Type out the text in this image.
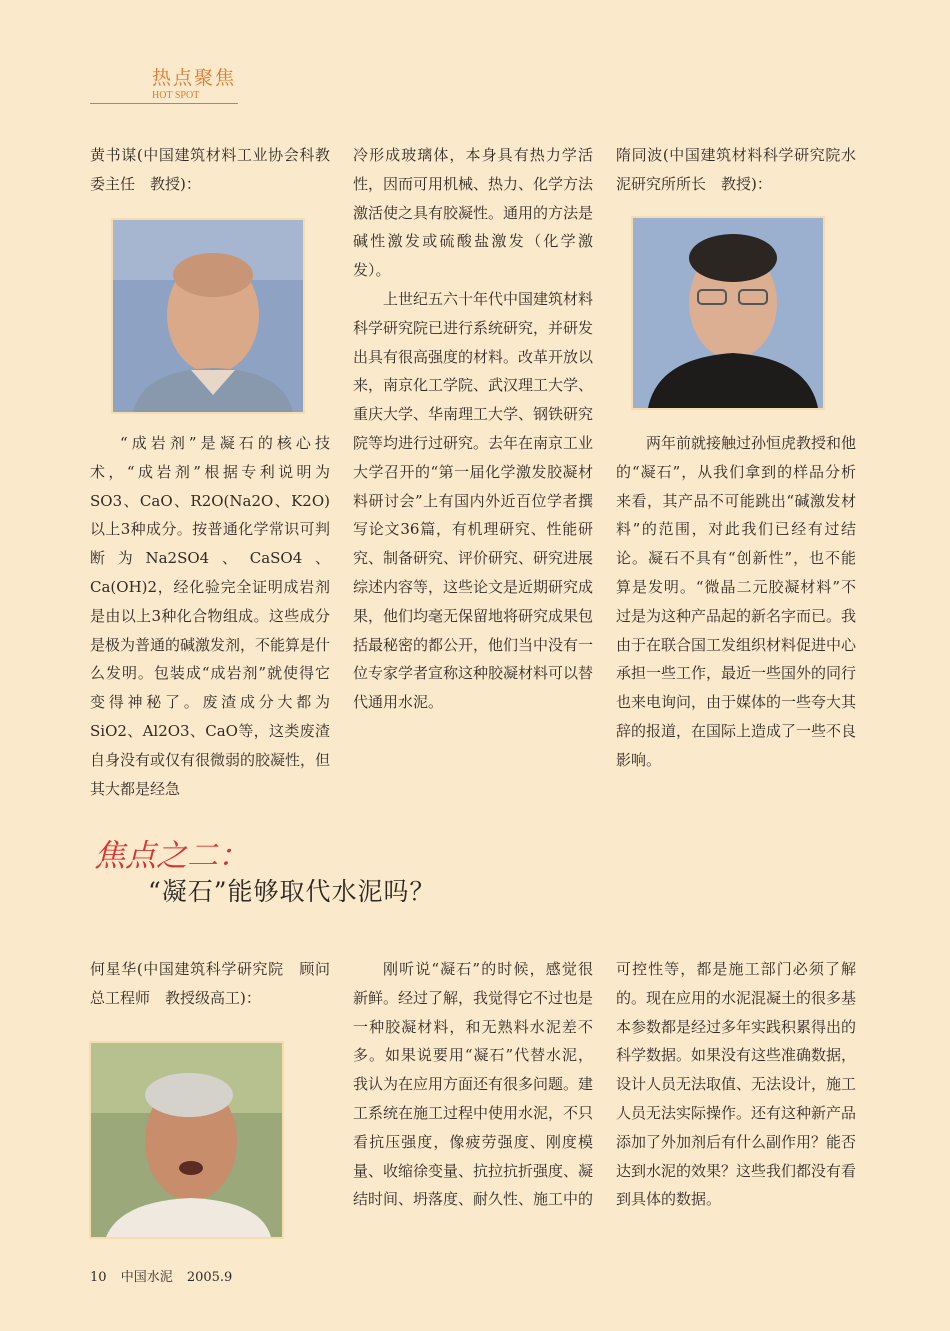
热点聚焦
HOT SPOT

黄书谋(中国建筑材料工业协会科教委主任　教授)：

“成岩剂”是凝石的核心技术，“成岩剂”根据专利说明为SO3、CaO、R2O(Na2O、K2O)以上3种成分。按普通化学常识可判断为Na2SO4、CaSO4、Ca(OH)2，经化验完全证明成岩剂是由以上3种化合物组成。这些成分是极为普通的碱激发剂，不能算是什么发明。包装成“成岩剂”就使得它变得神秘了。废渣成分大都为SiO2、Al2O3、CaO等，这类废渣自身没有或仅有很微弱的胶凝性，但其大都是经急

冷形成玻璃体，本身具有热力学活性，因而可用机械、热力、化学方法激活使之具有胶凝性。通用的方法是碱性激发或硫酸盐激发（化学激发）。

上世纪五六十年代中国建筑材料科学研究院已进行系统研究，并研发出具有很高强度的材料。改革开放以来，南京化工学院、武汉理工大学、重庆大学、华南理工大学、钢铁研究院等均进行过研究。去年在南京工业大学召开的“第一届化学激发胶凝材料研讨会”上有国内外近百位学者撰写论文36篇，有机理研究、性能研究、制备研究、评价研究、研究进展综述内容等，这些论文是近期研究成果，他们均毫无保留地将研究成果包括最秘密的都公开，他们当中没有一位专家学者宣称这种胶凝材料可以替代通用水泥。

隋同波(中国建筑材料科学研究院水泥研究所所长　教授)：

两年前就接触过孙恒虎教授和他的“凝石”，从我们拿到的样品分析来看，其产品不可能跳出“碱激发材料”的范围，对此我们已经有过结论。凝石不具有“创新性”，也不能算是发明。“微晶二元胶凝材料”不过是为这种产品起的新名字而已。我由于在联合国工发组织材料促进中心承担一些工作，最近一些国外的同行也来电询问，由于媒体的一些夸大其辞的报道，在国际上造成了一些不良影响。

焦点之二：
“凝石”能够取代水泥吗？

何星华(中国建筑科学研究院　顾问总工程师　教授级高工)：

刚听说“凝石”的时候，感觉很新鲜。经过了解，我觉得它不过也是一种胶凝材料，和无熟料水泥差不多。如果说要用“凝石”代替水泥，我认为在应用方面还有很多问题。建工系统在施工过程中使用水泥，不只看抗压强度，像疲劳强度、刚度模量、收缩徐变量、抗拉抗折强度、凝结时间、坍落度、耐久性、施工中的

可控性等，都是施工部门必须了解的。现在应用的水泥混凝土的很多基本参数都是经过多年实践积累得出的科学数据。如果没有这些准确数据，设计人员无法取值、无法设计，施工人员无法实际操作。还有这种新产品添加了外加剂后有什么副作用？能否达到水泥的效果？这些我们都没有看到具体的数据。

10 中国水泥 2005.9
